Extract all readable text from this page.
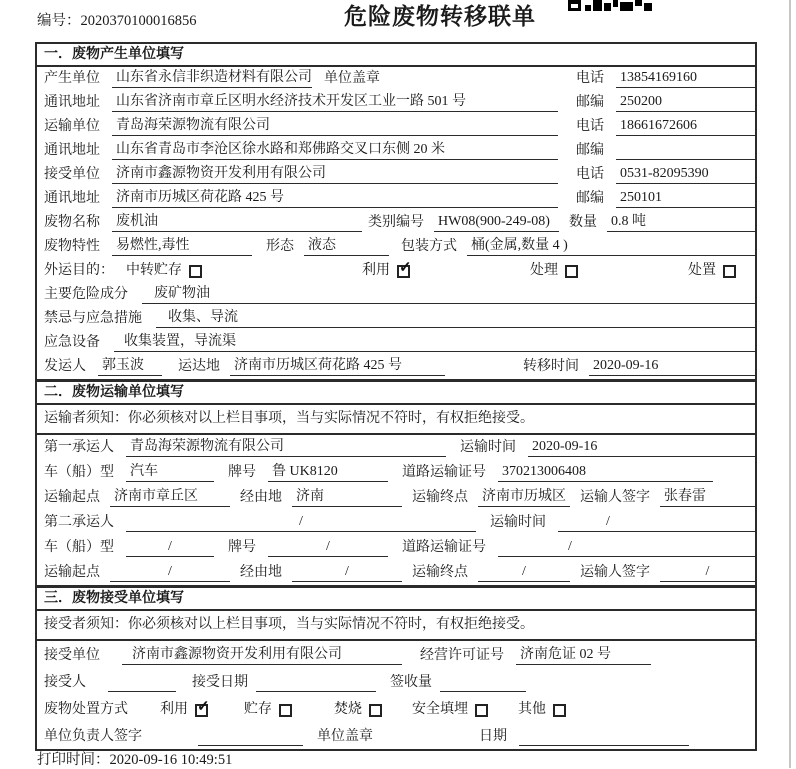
编号：2020370100016856	危险废物转移联单
一．废物产生单位填写
产生单位 山东省永信非织造材料有限公司 单位盖章	电话 13854169160
通讯地址 山东省济南市章丘区明水经济技术开发区工业一路 501 号	邮编 250200
运输单位 青岛海荣源物流有限公司	电话 18661672606
通讯地址 山东省青岛市李沧区徐水路和郑佛路交叉口东侧 20 米	邮编
接受单位 济南市鑫源物资开发利用有限公司	电话 0531-82095390
通讯地址 济南市历城区荷花路 425 号	邮编 250101
废物名称 废机油	类别编号 HW08(900-249-08)	数量 0.8 吨
废物特性 易燃性,毒性	形态 液态	包装方式 桶(金属,数量 4 )
外运目的： 中转贮存	利用 ✓	处理	处置
主要危险成分	废矿物油
禁忌与应急措施	收集、导流
应急设备	收集装置，导流渠
发运人 郭玉波	运达地 济南市历城区荷花路 425 号	转移时间 2020-09-16
二．废物运输单位填写
运输者须知：你必须核对以上栏目事项，当与实际情况不符时，有权拒绝接受。
第一承运人 青岛海荣源物流有限公司	运输时间 2020-09-16
车（船）型 汽车	牌号 鲁 UK8120	道路运输证号 370213006408
运输起点 济南市章丘区	经由地 济南	运输终点 济南市历城区 运输人签字 张春雷
第二承运人	/	运输时间	/
车（船）型	/	牌号	/	道路运输证号	/
运输起点	/	经由地	/	运输终点	/	运输人签字	/
三．废物接受单位填写
接受者须知：你必须核对以上栏目事项，当与实际情况不符时，有权拒绝接受。
接受单位	济南市鑫源物资开发利用有限公司	经营许可证号 济南危证 02 号
接受人	接受日期	签收量
废物处置方式 利用 ✓	贮存	焚烧	安全填埋	其他
单位负责人签字	单位盖章	日期
打印时间：2020-09-16 10:49:51
